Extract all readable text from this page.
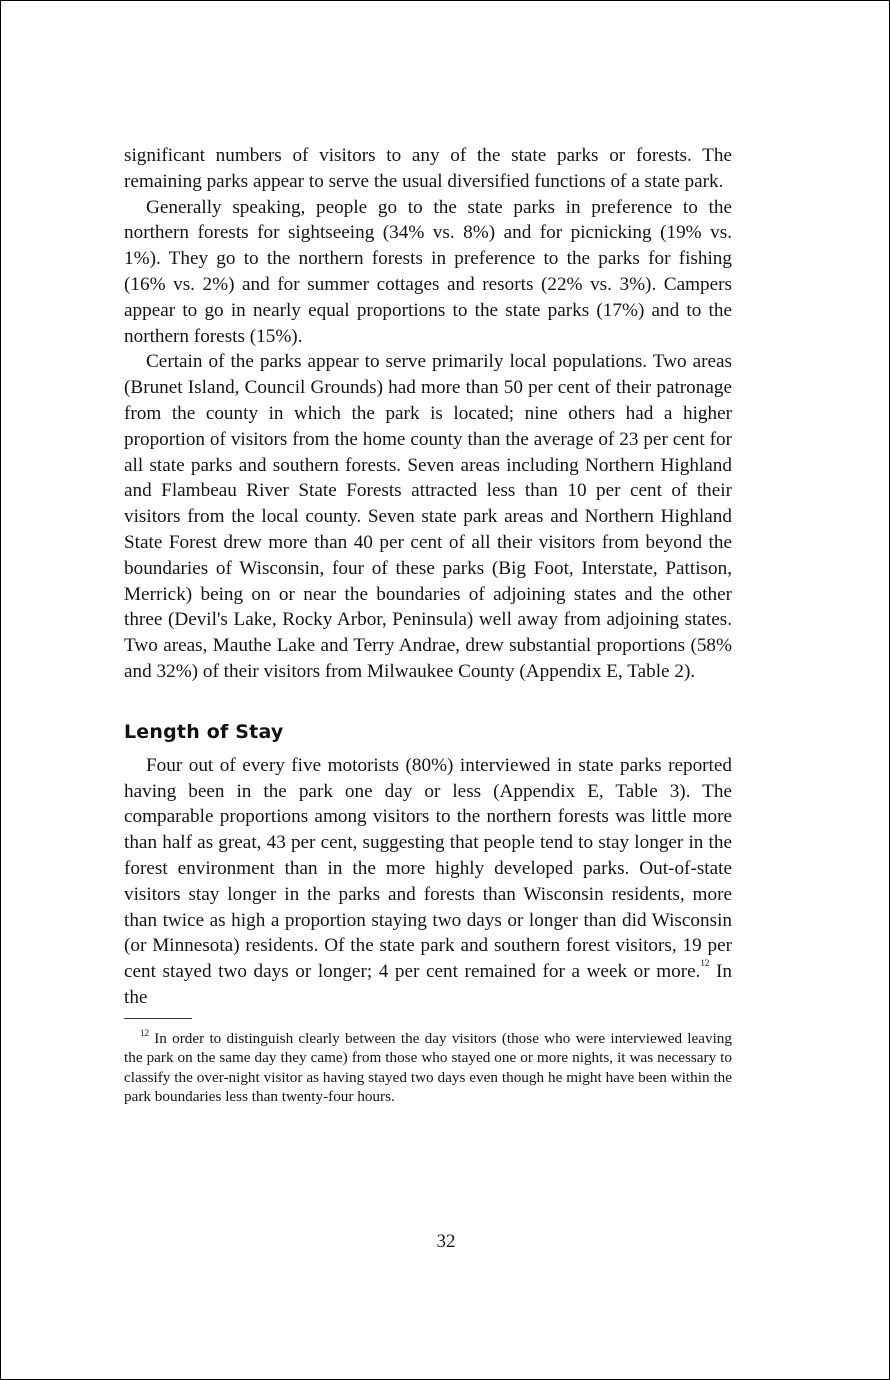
significant numbers of visitors to any of the state parks or forests. The remaining parks appear to serve the usual diversified functions of a state park.

Generally speaking, people go to the state parks in preference to the northern forests for sightseeing (34% vs. 8%) and for picnicking (19% vs. 1%). They go to the northern forests in preference to the parks for fishing (16% vs. 2%) and for summer cottages and resorts (22% vs. 3%). Campers appear to go in nearly equal proportions to the state parks (17%) and to the northern forests (15%).

Certain of the parks appear to serve primarily local populations. Two areas (Brunet Island, Council Grounds) had more than 50 per cent of their patronage from the county in which the park is located; nine others had a higher proportion of visitors from the home county than the average of 23 per cent for all state parks and southern forests. Seven areas including Northern Highland and Flambeau River State Forests attracted less than 10 per cent of their visitors from the local county. Seven state park areas and Northern Highland State Forest drew more than 40 per cent of all their visitors from beyond the boundaries of Wisconsin, four of these parks (Big Foot, Interstate, Pattison, Merrick) being on or near the boundaries of adjoining states and the other three (Devil's Lake, Rocky Arbor, Peninsula) well away from adjoining states. Two areas, Mauthe Lake and Terry Andrae, drew substantial proportions (58% and 32%) of their visitors from Milwaukee County (Appendix E, Table 2).

Length of Stay

Four out of every five motorists (80%) interviewed in state parks reported having been in the park one day or less (Appendix E, Table 3). The comparable proportions among visitors to the northern forests was little more than half as great, 43 per cent, suggesting that people tend to stay longer in the forest environment than in the more highly developed parks. Out-of-state visitors stay longer in the parks and forests than Wisconsin residents, more than twice as high a proportion staying two days or longer than did Wisconsin (or Minnesota) residents. Of the state park and southern forest visitors, 19 per cent stayed two days or longer; 4 per cent remained for a week or more.$^{12}$ In the

$^{12}$ In order to distinguish clearly between the day visitors (those who were interviewed leaving the park on the same day they came) from those who stayed one or more nights, it was necessary to classify the over-night visitor as having stayed two days even though he might have been within the park boundaries less than twenty-four hours.

32
